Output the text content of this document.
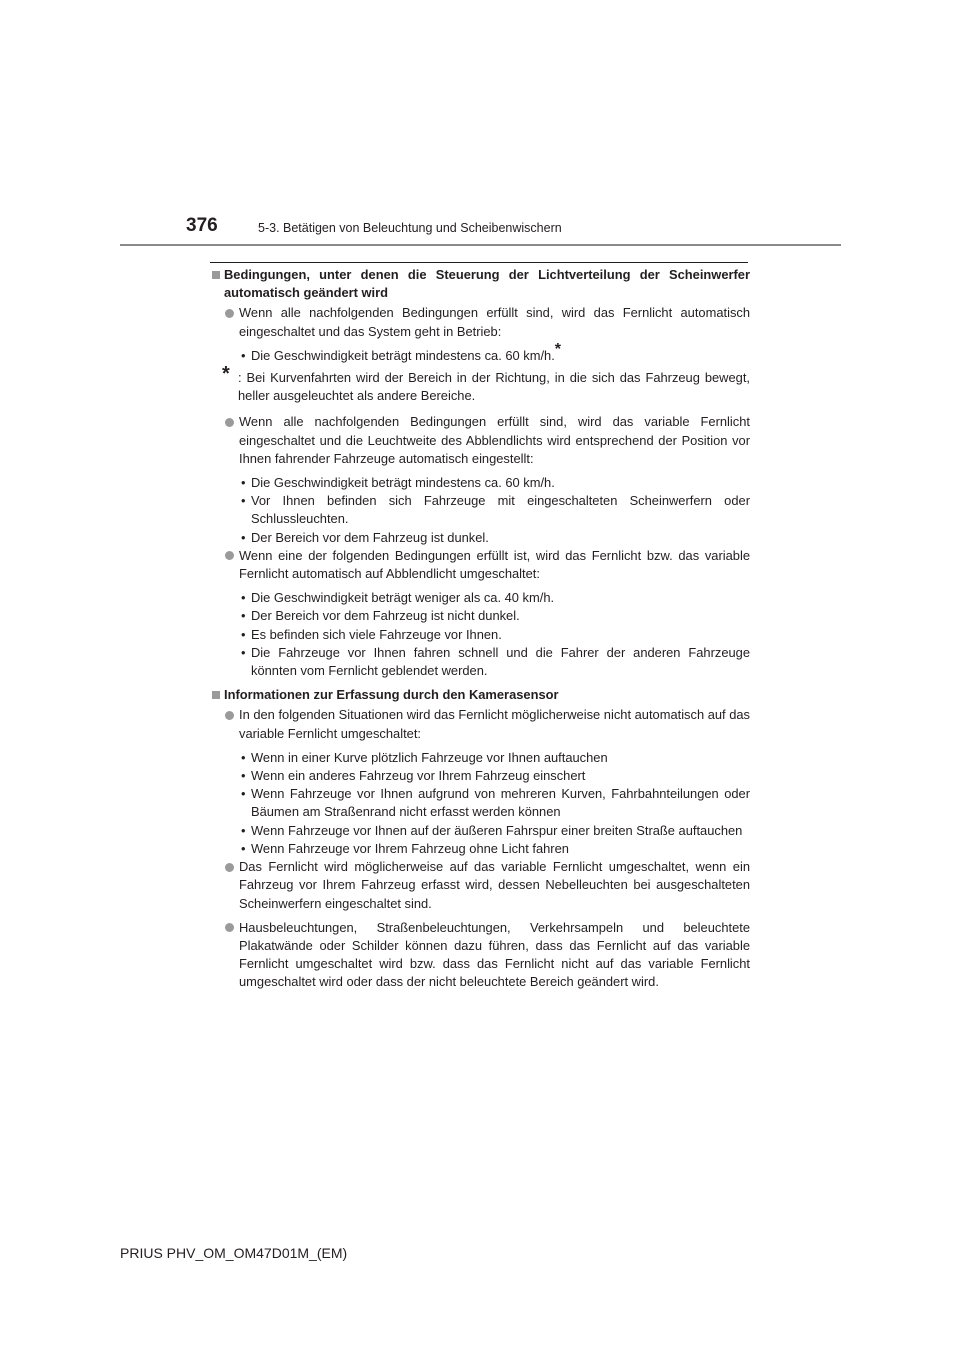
376	5-3. Betätigen von Beleuchtung und Scheibenwischern
Bedingungen, unter denen die Steuerung der Lichtverteilung der Scheinwerfer automatisch geändert wird
Wenn alle nachfolgenden Bedingungen erfüllt sind, wird das Fernlicht automatisch eingeschaltet und das System geht in Betrieb:
• Die Geschwindigkeit beträgt mindestens ca. 60 km/h.*
* : Bei Kurvenfahrten wird der Bereich in der Richtung, in die sich das Fahrzeug bewegt, heller ausgeleuchtet als andere Bereiche.
Wenn alle nachfolgenden Bedingungen erfüllt sind, wird das variable Fernlicht eingeschaltet und die Leuchtweite des Abblendlichts wird entsprechend der Position vor Ihnen fahrender Fahrzeuge automatisch eingestellt:
• Die Geschwindigkeit beträgt mindestens ca. 60 km/h.
• Vor Ihnen befinden sich Fahrzeuge mit eingeschalteten Scheinwerfern oder Schlussleuchten.
• Der Bereich vor dem Fahrzeug ist dunkel.
Wenn eine der folgenden Bedingungen erfüllt ist, wird das Fernlicht bzw. das variable Fernlicht automatisch auf Abblendlicht umgeschaltet:
• Die Geschwindigkeit beträgt weniger als ca. 40 km/h.
• Der Bereich vor dem Fahrzeug ist nicht dunkel.
• Es befinden sich viele Fahrzeuge vor Ihnen.
• Die Fahrzeuge vor Ihnen fahren schnell und die Fahrer der anderen Fahrzeuge könnten vom Fernlicht geblendet werden.
Informationen zur Erfassung durch den Kamerasensor
In den folgenden Situationen wird das Fernlicht möglicherweise nicht automatisch auf das variable Fernlicht umgeschaltet:
• Wenn in einer Kurve plötzlich Fahrzeuge vor Ihnen auftauchen
• Wenn ein anderes Fahrzeug vor Ihrem Fahrzeug einschert
• Wenn Fahrzeuge vor Ihnen aufgrund von mehreren Kurven, Fahrbahnteilungen oder Bäumen am Straßenrand nicht erfasst werden können
• Wenn Fahrzeuge vor Ihnen auf der äußeren Fahrspur einer breiten Straße auftauchen
• Wenn Fahrzeuge vor Ihrem Fahrzeug ohne Licht fahren
Das Fernlicht wird möglicherweise auf das variable Fernlicht umgeschaltet, wenn ein Fahrzeug vor Ihrem Fahrzeug erfasst wird, dessen Nebelleuchten bei ausgeschalteten Scheinwerfern eingeschaltet sind.
Hausbeleuchtungen, Straßenbeleuchtungen, Verkehrsampeln und beleuchtete Plakatwände oder Schilder können dazu führen, dass das Fernlicht auf das variable Fernlicht umgeschaltet wird bzw. dass das Fernlicht nicht auf das variable Fernlicht umgeschaltet wird oder dass der nicht beleuchtete Bereich geändert wird.
PRIUS PHV_OM_OM47D01M_(EM)
